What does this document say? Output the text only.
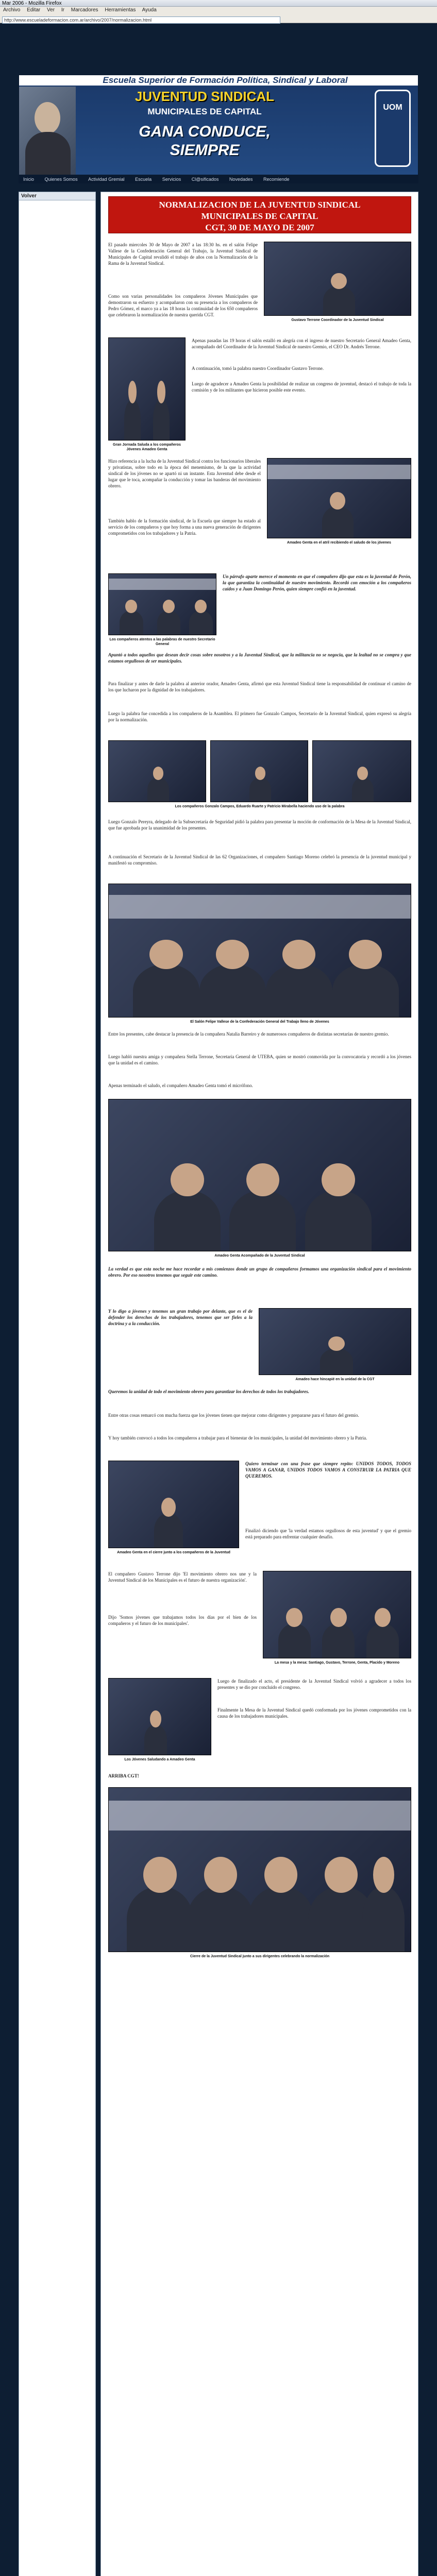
Mar 2006 - Mozilla Firefox
Archivo Editar Ver Ir Marcadores Herramientas Ayuda
http://www.escueladeformacion.com.ar/archivo/2007/normalizacion.html
Escuela Superior de Formación Política, Sindical y Laboral
JUVENTUD SINDICAL
MUNICIPALES DE CAPITAL
GANA CONDUCE, SIEMPRE
UOM
Inicio Quienes Somos Actividad Gremial Escuela Servicios Cl@sificados Novedades Recomiende
Volver
NORMALIZACION DE LA JUVENTUD SINDICAL
MUNICIPALES DE CAPITAL
CGT, 30 DE MAYO DE 2007
El pasado miercoles 30 de Mayo de 2007 a las 18:30 hs. en el salón Felipe Vallese de la Confederación General del Trabajo, la Juventud Sindical de Municipales de Capital revalidó el trabajo de años con la Normalización de la Rama de la Juventud Sindical.
Gustavo Terrone Coordinador de la Juventud Sindical
Como son varias personalidades los compañeros Jóvenes Municipales que demostraron su esfuerzo y acompañaron con su presencia a los compañeros de Pedro Gómez, el marco ya a las 18 horas la continuidad de los 650 compañeros que celebraron la normalización de nuestra querida CGT.
Gran Jornada Saluda a los compañeros Jóvenes Amadeo Genta
Apenas pasadas las 19 horas el salón estalló en alegría con el ingreso de nuestro Secretario General Amadeo Genta, acompañado del Coordinador de la Juventud Sindical de nuestro Gremio, el CEO Dr. Andrés Terrone.
A continuación, tomó la palabra nuestro Coordinador Gustavo Terrone.
Luego de agradecer a Amadeo Genta la posibilidad de realizar un congreso de juventud, destacó el trabajo de toda la comisión y de los militantes que hicieron posible este evento.
Hizo referencia a la lucha de la Juventud Sindical contra los funcionarios liberales y privatistas, sobre todo en la época del menemismo, de la que la actividad sindical de los jóvenes no se apartó ni un instante. Esta Juventud debe desde el lugar que le toca, acompañar la conducción y tomar las banderas del movimiento obrero.
Amadeo Genta en el atril recibiendo el saludo de los jóvenes
También hablo de la formación sindical, de la Escuela que siempre ha estado al servicio de los compañeros y que hoy forma a una nueva generación de dirigentes comprometidos con los trabajadores y la Patria.
Los compañeros atentos a las palabras de nuestro Secretario General
Un párrafo aparte merece el momento en que el compañero dijo que esta es la juventud de Perón, la que garantiza la continuidad de nuestro movimiento. Recordó con emoción a los compañeros caídos y a Juan Domingo Perón, quien siempre confió en la juventud.
Apuntó a todos aquellos que desean decir cosas sobre nosotros y a la Juventud Sindical, que la militancia no se negocia, que la lealtad no se compra y que estamos orgullosos de ser municipales.
Para finalizar y antes de darle la palabra al anterior orador, Amadeo Genta, afirmó que esta Juventud Sindical tiene la responsabilidad de continuar el camino de los que lucharon por la dignidad de los trabajadores.
Luego la palabra fue concedida a los compañeros de la Asamblea. El primero fue Gonzalo Campos, Secretario de la Juventud Sindical, quien expresó su alegría por la normalización.
Los compañeros Gonzalo Campos, Eduardo Ruarte y Patricio Mirabella haciendo uso de la palabra
Luego Gonzalo Pereyra, delegado de la Subsecretaría de Seguridad pidió la palabra para presentar la moción de conformación de la Mesa de la Juventud Sindical, que fue aprobada por la unanimidad de los presentes.
A continuación el Secretario de la Juventud Sindical de las 62 Organizaciones, el compañero Santiago Moreno celebró la presencia de la juventud municipal y manifestó su compromiso.
El Salón Felipe Vallese de la Confederación General del Trabajo lleno de Jóvenes
Entre los presentes, cabe destacar la presencia de la compañera Natalia Barreiro y de numerosos compañeros de distintas secretarías de nuestro gremio.
Luego habló nuestra amiga y compañera Stella Terrone, Secretaria General de UTEBA, quien se mostró conmovida por la convocatoria y recordó a los jóvenes que la unidad es el camino.
Apenas terminado el saludo, el compañero Amadeo Genta tomó el micrófono.
Amadeo Genta Acompañado de la Juventud Sindical
La verdad es que esta noche me hace recordar a mis comienzos donde un grupo de compañeros formamos una organización sindical para el movimiento obrero. Por eso nosotros tenemos que seguir este camino.
Y lo digo a jóvenes y tenemos un gran trabajo por delante, que es el de defender los derechos de los trabajadores, tenemos que ser fieles a la doctrina y a la conducción.
Amadeo hace hincapié en la unidad de la CGT
Queremos la unidad de todo el movimiento obrero para garantizar los derechos de todos los trabajadores.
Entre otras cosas remarcó con mucha fuerza que los jóvenes tienen que mejorar como dirigentes y prepararse para el futuro del gremio.
Y hoy también convocó a todos los compañeros a trabajar para el bienestar de los municipales, la unidad del movimiento obrero y la Patria.
Amadeo Genta en el cierre junto a los compañeros de la Juventud
Quiero terminar con una frase que siempre repito: UNIDOS TODOS, TODOS VAMOS A GANAR, UNIDOS TODOS VAMOS A CONSTRUIR LA PATRIA QUE QUEREMOS.
Finalizó diciendo que 'la verdad estamos orgullosos de esta juventud' y que el gremio está preparado para enfrentar cualquier desafío.
El compañero Gustavo Terrone dijo 'El movimiento obrero nos une y la Juventud Sindical de los Municipales es el futuro de nuestra organización'.
La mesa y la mesa: Santiago, Gustavo, Terrone, Genta, Placido y Moreno
Dijo 'Somos jóvenes que trabajamos todos los días por el bien de los compañeros y el futuro de los municipales'.
Los Jóvenes Saludando a Amadeo Genta
Luego de finalizado el acto, el presidente de la Juventud Sindical volvió a agradecer a todos los presentes y se dio por concluido el congreso.
Finalmente la Mesa de la Juventud Sindical quedó conformada por los jóvenes comprometidos con la causa de los trabajadores municipales.
ARRIBA CGT!
Cierre de la Juventud Sindical junto a sus dirigentes celebrando la normalización
